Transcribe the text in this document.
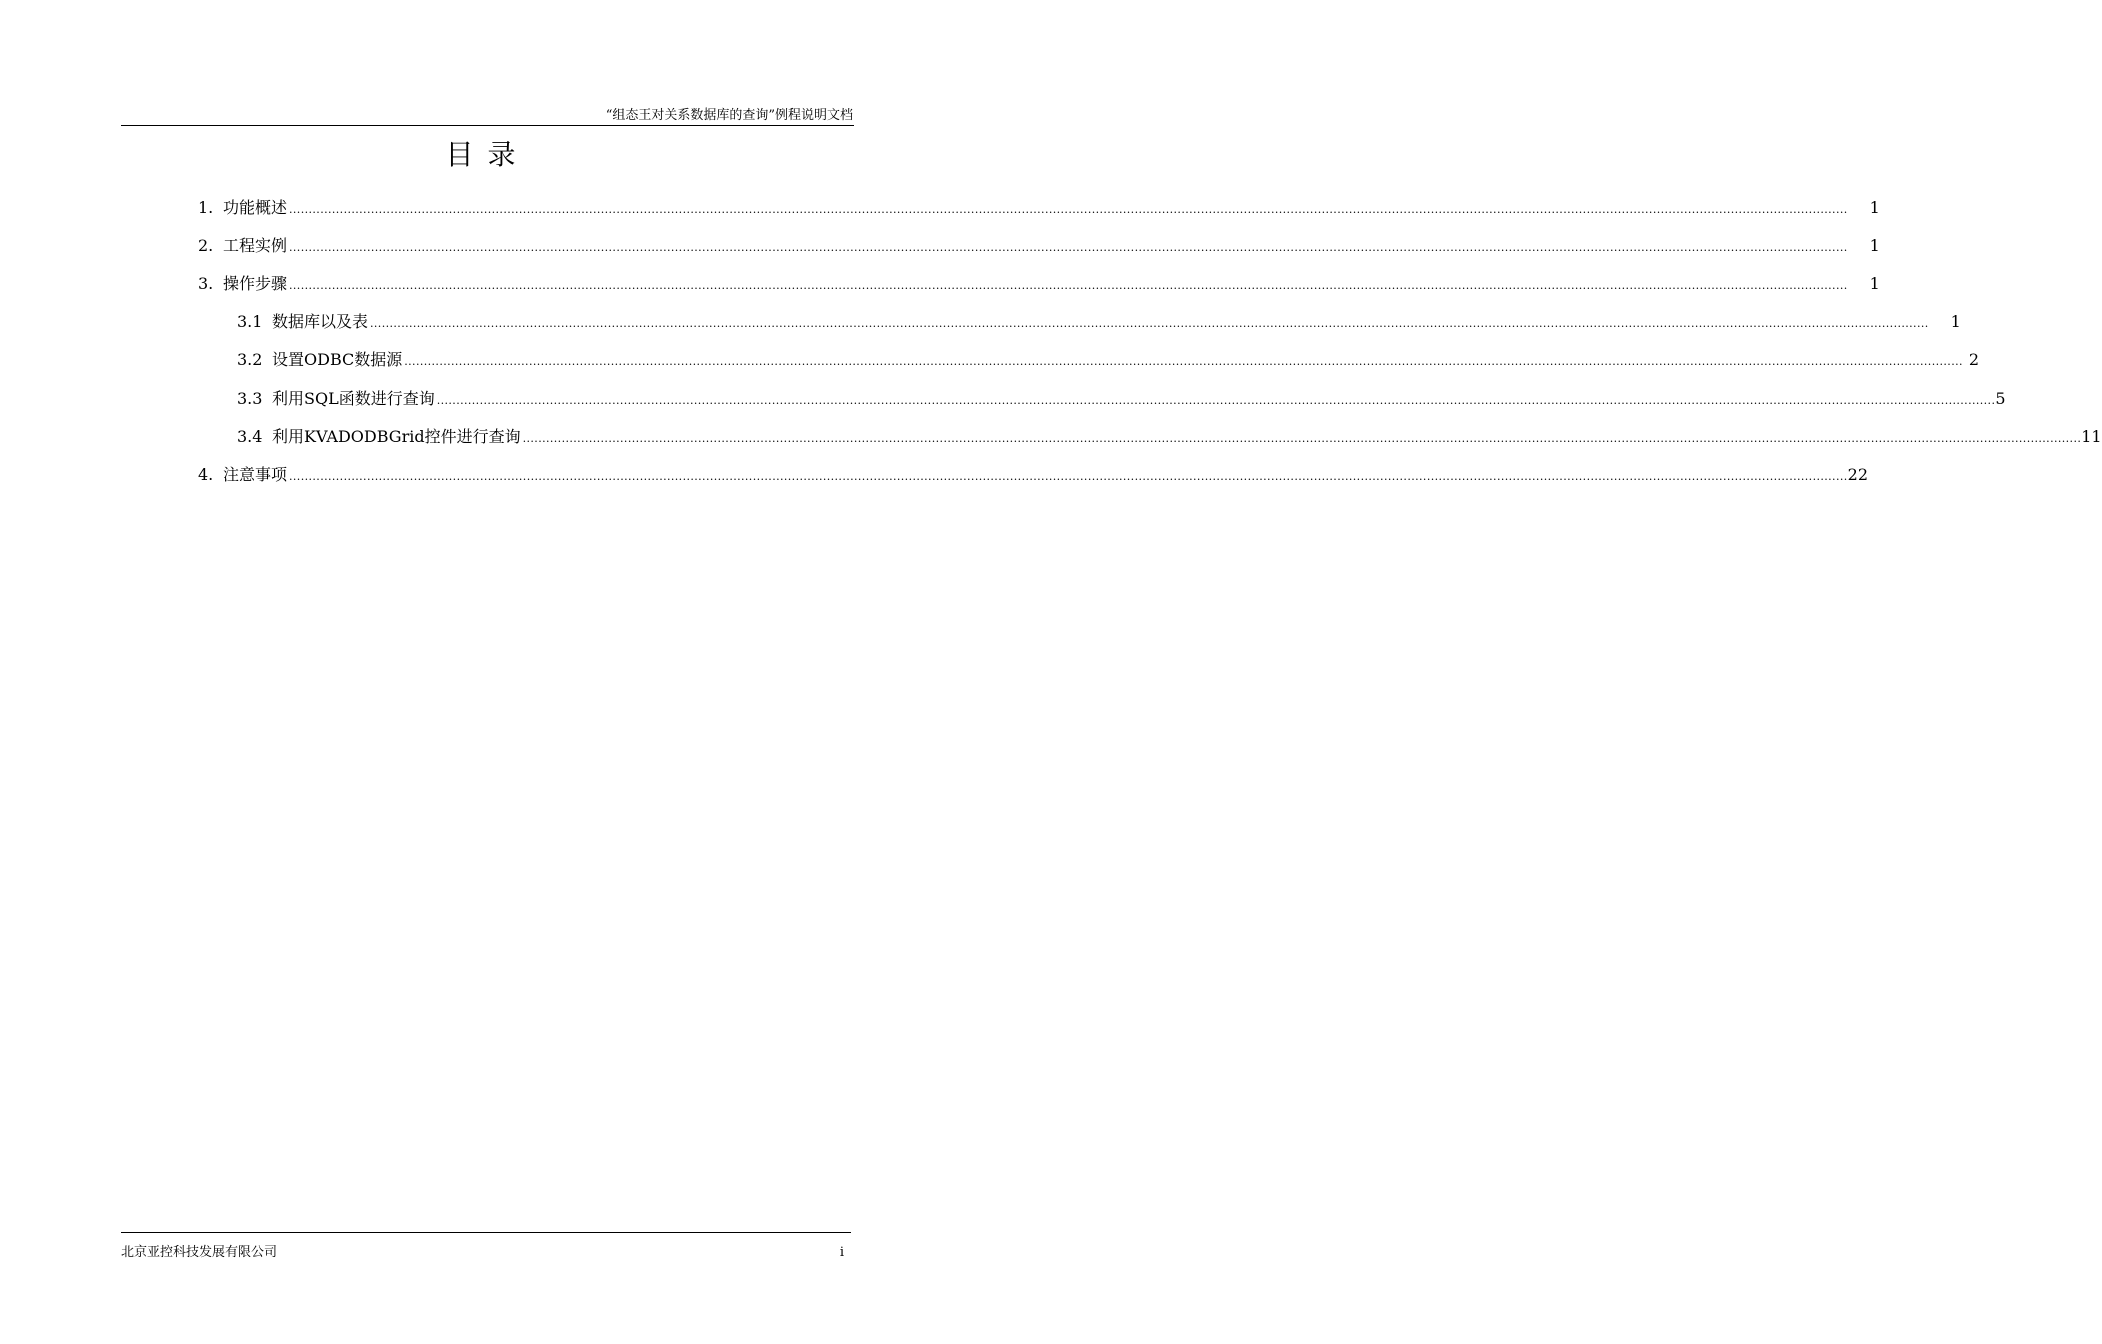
“组态王对关系数据库的查询”例程说明文档
目录
1. 功能概述 ................................................................................................................................................................................................................................................................................................................................................................................................................ 1
2. 工程实例 ................................................................................................................................................................................................................................................................................................................................................................................................................ 1
3. 操作步骤 ................................................................................................................................................................................................................................................................................................................................................................................................................ 1
3.1 数据库以及表 ................................................................................................................................................................................................................................................................................................................................................................................................................ 1
3.2 设置ODBC数据源 ................................................................................................................................................................................................................................................................................................................................................................................................................ 2
3.3 利用SQL函数进行查询 ................................................................................................................................................................................................................................................................................................................................................................................................................ 5
3.4 利用KVADODBGrid控件进行查询 ................................................................................................................................................................................................................................................................................................................................................................................................................ 11
4. 注意事项 ................................................................................................................................................................................................................................................................................................................................................................................................................ 22
北京亚控科技发展有限公司	i
